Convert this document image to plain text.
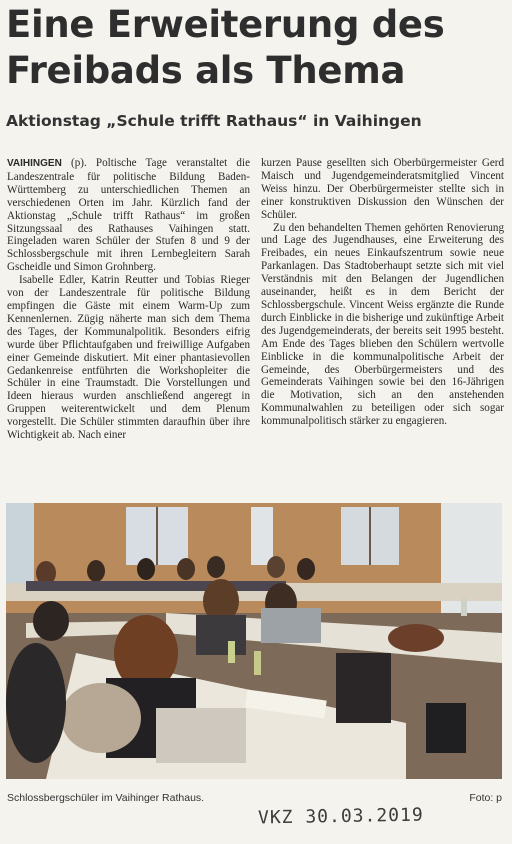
Eine Erweiterung des Freibads als Thema
Aktionstag „Schule trifft Rathaus“ in Vaihingen

VAIHINGEN (p). Poltische Tage veranstaltet die Landeszentrale für politische Bildung Baden-Württemberg zu unterschiedlichen Themen an verschiedenen Orten im Jahr. Kürzlich fand der Aktionstag „Schule trifft Rathaus“ im großen Sitzungssaal des Rathauses Vaihingen statt. Eingeladen waren Schüler der Stufen 8 und 9 der Schlossbergschule mit ihren Lernbegleitern Sarah Gscheidle und Simon Grohnberg.

Isabelle Edler, Katrin Reutter und Tobias Rieger von der Landeszentrale für politische Bildung empfingen die Gäste mit einem Warm-Up zum Kennenlernen. Zügig näherte man sich dem Thema des Tages, der Kommunalpolitik. Besonders eifrig wurde über Pflichtaufgaben und freiwillige Aufgaben einer Gemeinde diskutiert. Mit einer phantasievollen Gedankenreise entführten die Workshopleiter die Schüler in eine Traumstadt. Die Vorstellungen und Ideen hieraus wurden anschließend angeregt in Gruppen weiterentwickelt und dem Plenum vorgestellt. Die Schüler stimmten daraufhin über ihre Wichtigkeit ab. Nach einer

kurzen Pause gesellten sich Oberbürgermeister Gerd Maisch und Jugendgemeinderatsmitglied Vincent Weiss hinzu. Der Oberbürgermeister stellte sich in einer konstruktiven Diskussion den Wünschen der Schüler.

Zu den behandelten Themen gehörten Renovierung und Lage des Jugendhauses, eine Erweiterung des Freibades, ein neues Einkaufszentrum sowie neue Parkanlagen. Das Stadtoberhaupt setzte sich mit viel Verständnis mit den Belangen der Jugendlichen auseinander, heißt es in dem Bericht der Schlossbergschule. Vincent Weiss ergänzte die Runde durch Einblicke in die bisherige und zukünftige Arbeit des Jugendgemeinderats, der bereits seit 1995 besteht. Am Ende des Tages blieben den Schülern wertvolle Einblicke in die kommunalpolitische Arbeit der Gemeinde, des Oberbürgermeisters und des Gemeinderats Vaihingen sowie bei den 16-Jährigen die Motivation, sich an den anstehenden Kommunalwahlen zu beteiligen oder sich sogar kommunalpolitisch stärker zu engagieren.

Schlossbergschüler im Vaihinger Rathaus.	Foto: p
VKZ 30.03.2019
